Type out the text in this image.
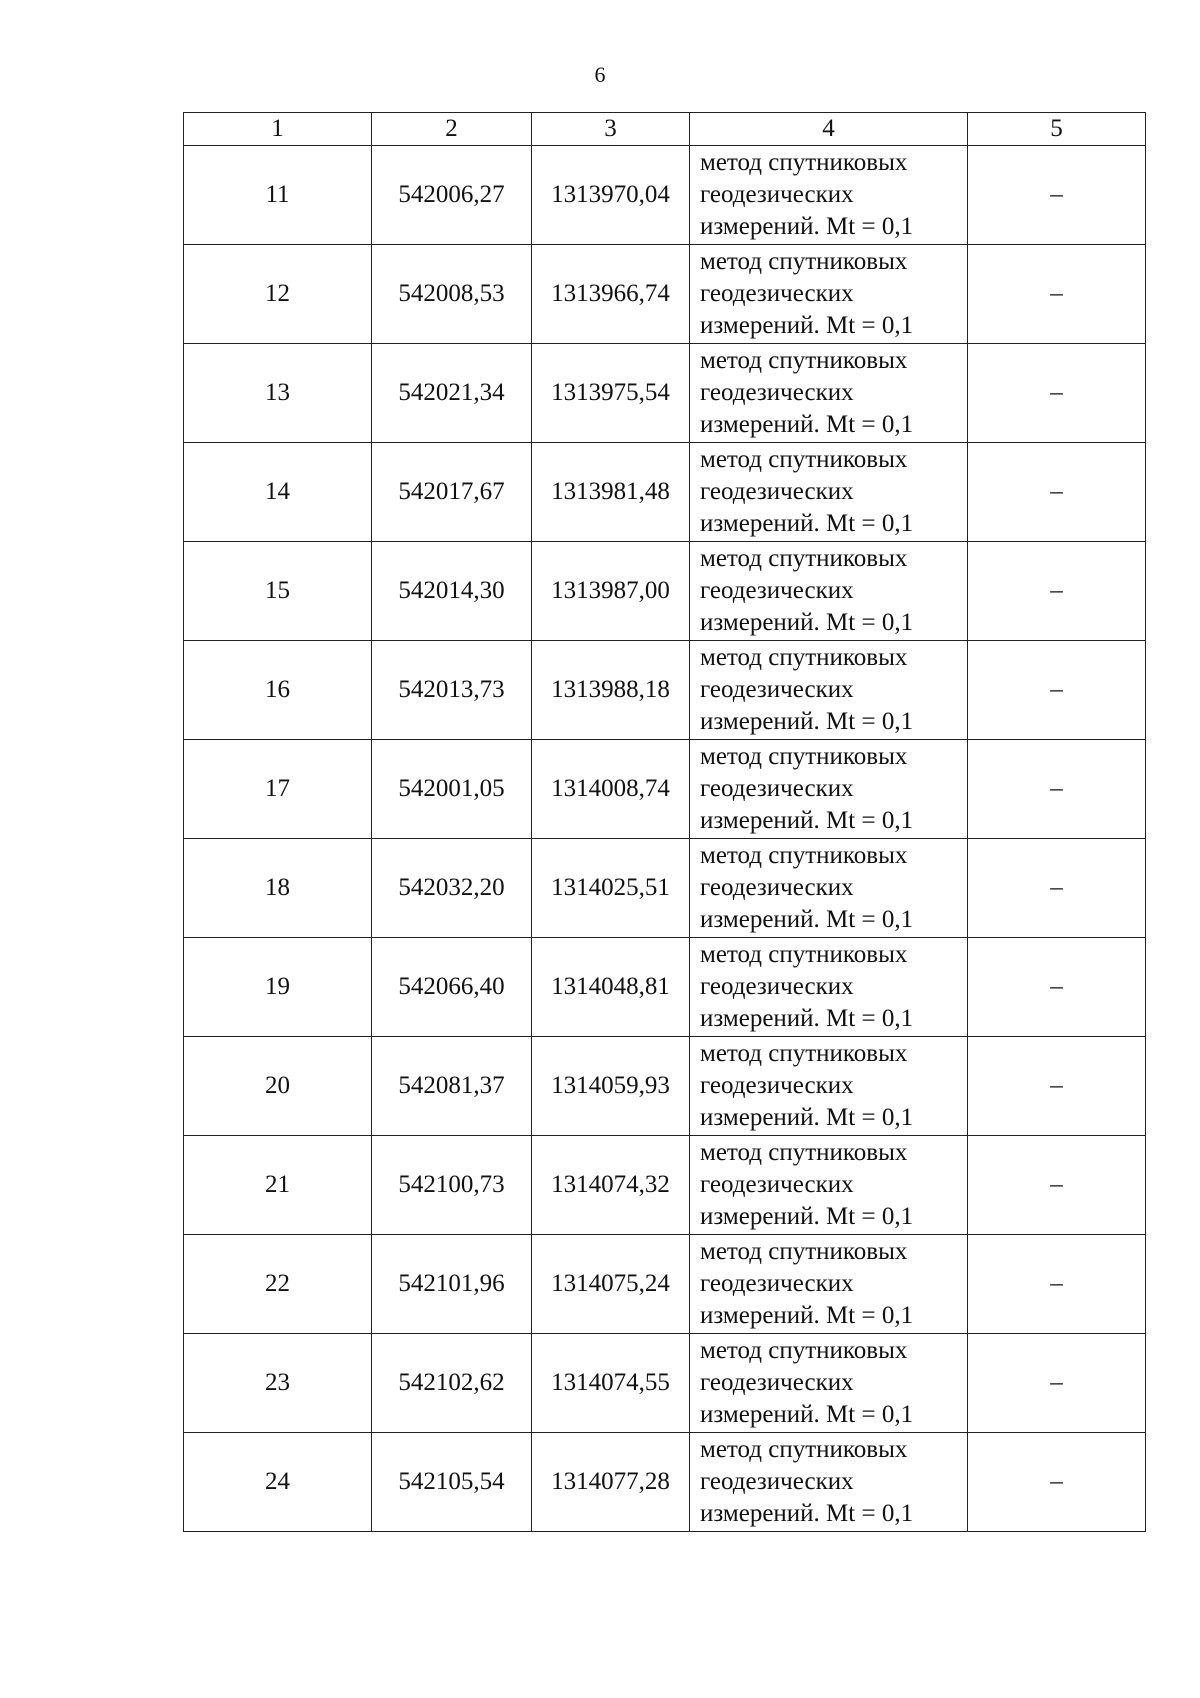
6
1	2	3	4	5
11	542006,27	1313970,04	метод спутниковых
геодезических
измерений. Mt = 0,1	–
12	542008,53	1313966,74	метод спутниковых
геодезических
измерений. Mt = 0,1	–
13	542021,34	1313975,54	метод спутниковых
геодезических
измерений. Mt = 0,1	–
14	542017,67	1313981,48	метод спутниковых
геодезических
измерений. Mt = 0,1	–
15	542014,30	1313987,00	метод спутниковых
геодезических
измерений. Mt = 0,1	–
16	542013,73	1313988,18	метод спутниковых
геодезических
измерений. Mt = 0,1	–
17	542001,05	1314008,74	метод спутниковых
геодезических
измерений. Mt = 0,1	–
18	542032,20	1314025,51	метод спутниковых
геодезических
измерений. Mt = 0,1	–
19	542066,40	1314048,81	метод спутниковых
геодезических
измерений. Mt = 0,1	–
20	542081,37	1314059,93	метод спутниковых
геодезических
измерений. Mt = 0,1	–
21	542100,73	1314074,32	метод спутниковых
геодезических
измерений. Mt = 0,1	–
22	542101,96	1314075,24	метод спутниковых
геодезических
измерений. Mt = 0,1	–
23	542102,62	1314074,55	метод спутниковых
геодезических
измерений. Mt = 0,1	–
24	542105,54	1314077,28	метод спутниковых
геодезических
измерений. Mt = 0,1	–
